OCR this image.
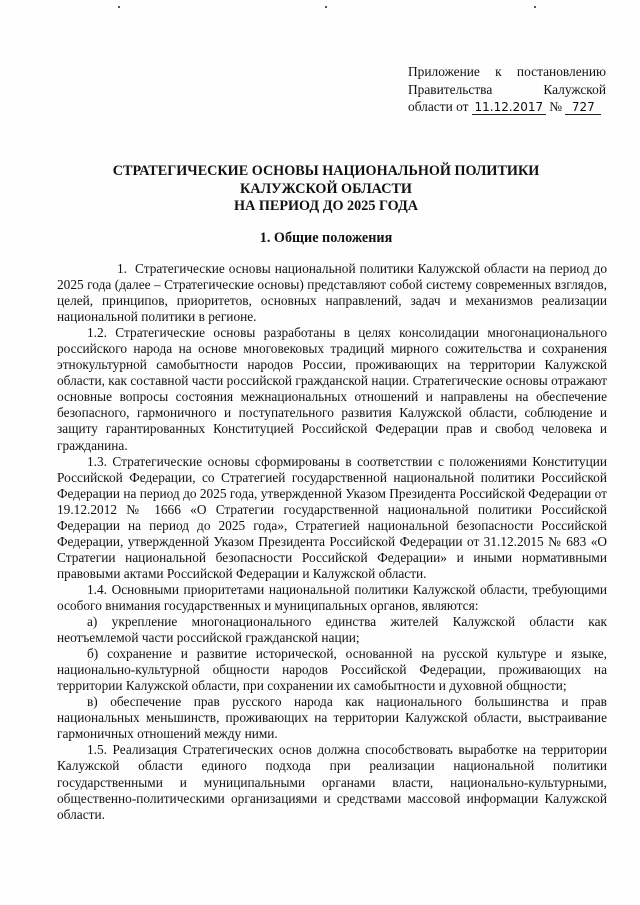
Приложение к постановлению
Правительства Калужской
области от 11.12.2017 № 727
СТРАТЕГИЧЕСКИЕ ОСНОВЫ НАЦИОНАЛЬНОЙ ПОЛИТИКИ
КАЛУЖСКОЙ ОБЛАСТИ
НА ПЕРИОД ДО 2025 ГОДА
1. Общие положения

1. Стратегические основы национальной политики Калужской области на период до 2025 года (далее – Стратегические основы) представляют собой систему современных взглядов, целей, принципов, приоритетов, основных направлений, задач и механизмов реализации национальной политики в регионе.

1.2. Стратегические основы разработаны в целях консолидации многонационального российского народа на основе многовековых традиций мирного сожительства и сохранения этнокультурной самобытности народов России, проживающих на территории Калужской области, как составной части российской гражданской нации. Стратегические основы отражают основные вопросы состояния межнациональных отношений и направлены на обеспечение безопасного, гармоничного и поступательного развития Калужской области, соблюдение и защиту гарантированных Конституцией Российской Федерации прав и свобод человека и гражданина.

1.3. Стратегические основы сформированы в соответствии с положениями Конституции Российской Федерации, со Стратегией государственной национальной политики Российской Федерации на период до 2025 года, утвержденной Указом Президента Российской Федерации от 19.12.2012 № 1666 «О Стратегии государственной национальной политики Российской Федерации на период до 2025 года», Стратегией национальной безопасности Российской Федерации, утвержденной Указом Президента Российской Федерации от 31.12.2015 № 683 «О Стратегии национальной безопасности Российской Федерации» и иными нормативными правовыми актами Российской Федерации и Калужской области.

1.4. Основными приоритетами национальной политики Калужской области, требующими особого внимания государственных и муниципальных органов, являются:

а) укрепление многонационального единства жителей Калужской области как неотъемлемой части российской гражданской нации;

б) сохранение и развитие исторической, основанной на русской культуре и языке, национально-культурной общности народов Российской Федерации, проживающих на территории Калужской области, при сохранении их самобытности и духовной общности;

в) обеспечение прав русского народа как национального большинства и прав национальных меньшинств, проживающих на территории Калужской области, выстраивание гармоничных отношений между ними.

1.5. Реализация Стратегических основ должна способствовать выработке на территории Калужской области единого подхода при реализации национальной политики государственными и муниципальными органами власти, национально-культурными, общественно-политическими организациями и средствами массовой информации Калужской области.
